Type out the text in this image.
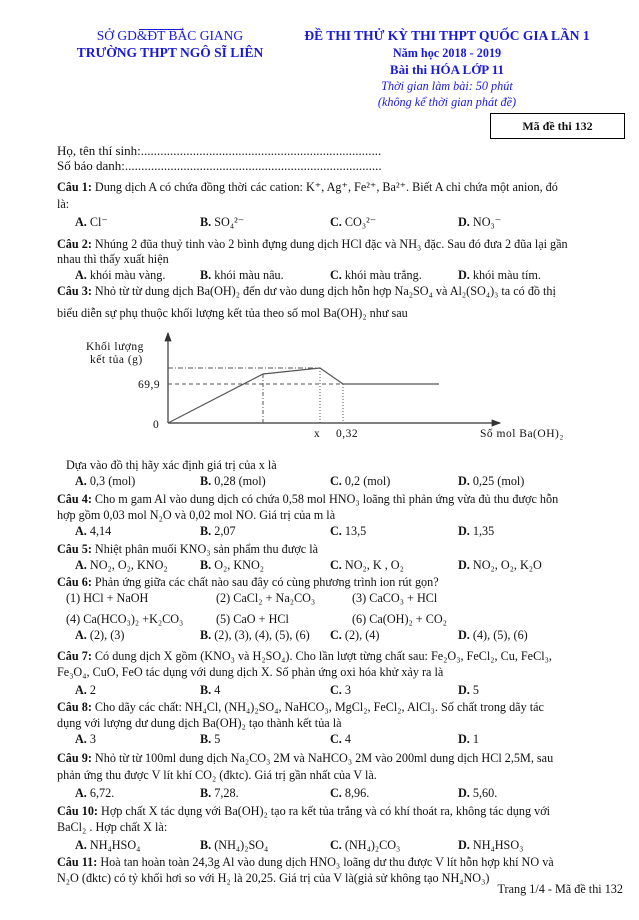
SỞ GD&ĐT BẮC GIANG
TRƯỜNG THPT NGÔ SĨ LIÊN
ĐỀ THI THỬ KỲ THI THPT QUỐC GIA LẦN 1
Năm học 2018 - 2019
Bài thi HÓA LỚP 11
Thời gian làm bài: 50 phút
(không kể thời gian phát đề)
Mã đề thi 132
Họ, tên thí sinh:..........................................................................
Số báo danh:...............................................................................
Câu 1: Dung dịch A có chứa đồng thời các cation: K⁺, Ag⁺, Fe²⁺, Ba²⁺. Biết A chỉ chứa một anion, đó
là:
A. Cl⁻	B. SO₄²⁻	C. CO₃²⁻	D. NO₃⁻
Câu 2: Nhúng 2 đũa thuỷ tinh vào 2 bình đựng dung dịch HCl đặc và NH₃ đặc. Sau đó đưa 2 đũa lại gần
nhau thì thấy xuất hiện
A. khói màu vàng.	B. khói màu nâu.	C. khói màu trắng.	D. khói màu tím.
Câu 3: Nhỏ từ từ dung dịch Ba(OH)₂ đến dư vào dung dịch hỗn hợp Na₂SO₄ và Al₂(SO₄)₃ ta có đồ thị
biểu diễn sự phụ thuộc khối lượng kết tủa theo số mol Ba(OH)₂ như sau
Dựa vào đồ thị hãy xác định giá trị của x là
A. 0,3 (mol)	B. 0,28 (mol)	C. 0,2 (mol)	D. 0,25 (mol)
Câu 4: Cho m gam Al vào dung dịch có chứa 0,58 mol HNO₃ loãng thì phản ứng vừa đủ thu được hỗn
hợp gồm 0,03 mol N₂O và 0,02 mol NO. Giá trị của m là
A. 4,14	B. 2,07	C. 13,5	D. 1,35
Câu 5: Nhiệt phân muối KNO₃ sản phẩm thu được là
A. NO₂, O₂, KNO₂	B. O₂, KNO₂	C. NO₂, K , O₂	D. NO₂, O₂, K₂O
Câu 6: Phản ứng giữa các chất nào sau đây có cùng phương trình ion rút gọn?
(1) HCl + NaOH	(2) CaCl₂ + Na₂CO₃	(3) CaCO₃ + HCl
(4) Ca(HCO₃)₂ +K₂CO₃	(5) CaO + HCl	(6) Ca(OH)₂ + CO₂
A. (2), (3)	B. (2), (3), (4), (5), (6) C. (2), (4)	D. (4), (5), (6)
Câu 7: Có dung dịch X gồm (KNO₃ và H₂SO₄). Cho lần lượt từng chất sau: Fe₂O₃, FeCl₂, Cu, FeCl₃,
Fe₃O₄, CuO, FeO tác dụng với dung dịch X. Số phản ứng oxi hóa khử xảy ra là
A. 2	B. 4	C. 3	D. 5
Câu 8: Cho dãy các chất: NH₄Cl, (NH₄)₂SO₄, NaHCO₃, MgCl₂, FeCl₂, AlCl₃. Số chất trong dãy tác
dụng với lượng dư dung dịch Ba(OH)₂ tạo thành kết tủa là
A. 3	B. 5	C. 4	D. 1
Câu 9: Nhỏ từ từ 100ml dung dịch Na₂CO₃ 2M và NaHCO₃ 2M vào 200ml dung dịch HCl 2,5M, sau
phản ứng thu được V lít khí CO₂ (đktc). Giá trị gần nhất của V là.
A. 6,72.	B. 7,28.	C. 8,96.	D. 5,60.
Câu 10: Hợp chất X tác dụng với Ba(OH)₂ tạo ra kết tủa trắng và có khí thoát ra, không tác dụng với
BaCl₂ . Hợp chất X là:
A. NH₄HSO₄	B. (NH₄)₂SO₄	C. (NH₄)₂CO₃	D. NH₄HSO₃
Câu 11: Hoà tan hoàn toàn 24,3g Al vào dung dịch HNO₃ loãng dư thu được V lít hỗn hợp khí NO và
N₂O (đktc) có tỷ khối hơi so với H₂ là 20,25. Giá trị của V là(giả sử không tạo NH₄NO₃)
Khối lượng
kết tủa (g)
69,9
0
x 0,32	Số mol Ba(OH)₂
Trang 1/4 - Mã đề thi 132
